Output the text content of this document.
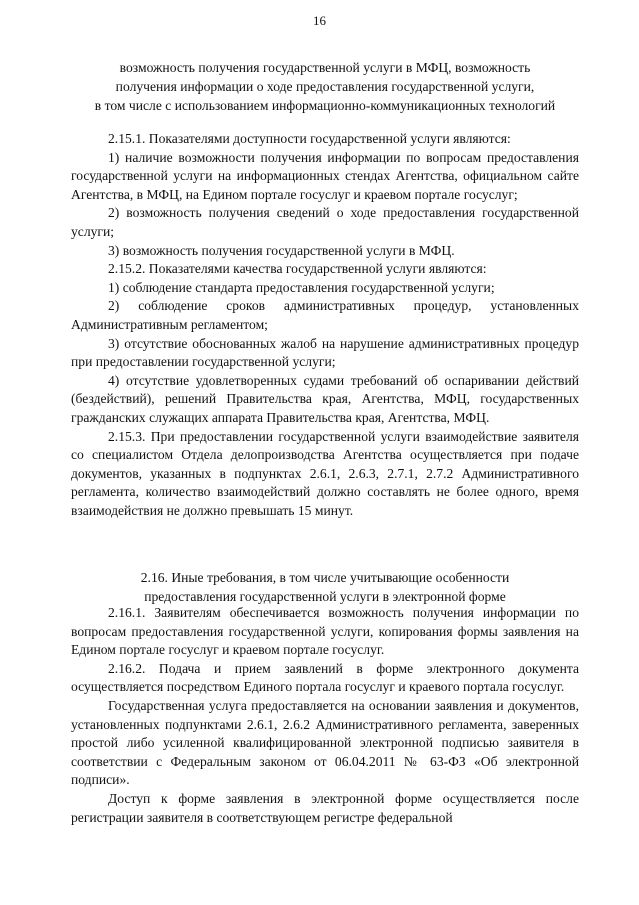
16
возможность получения государственной услуги в МФЦ, возможность
получения информации о ходе предоставления государственной услуги,
в том числе с использованием информационно-коммуникационных технологий

2.15.1. Показателями доступности государственной услуги являются:

1) наличие возможности получения информации по вопросам предоставления государственной услуги на информационных стендах Агентства, официальном сайте Агентства, в МФЦ, на Едином портале госуслуг и краевом портале госуслуг;

2) возможность получения сведений о ходе предоставления государственной услуги;

3) возможность получения государственной услуги в МФЦ.

2.15.2. Показателями качества государственной услуги являются:

1) соблюдение стандарта предоставления государственной услуги;

2) соблюдение сроков административных процедур, установленных Административным регламентом;

3) отсутствие обоснованных жалоб на нарушение административных процедур при предоставлении государственной услуги;

4) отсутствие удовлетворенных судами требований об оспаривании действий (бездействий), решений Правительства края, Агентства, МФЦ, государственных гражданских служащих аппарата Правительства края, Агентства, МФЦ.

2.15.3. При предоставлении государственной услуги взаимодействие заявителя со специалистом Отдела делопроизводства Агентства осуществляется при подаче документов, указанных в подпунктах 2.6.1, 2.6.3, 2.7.1, 2.7.2 Административного регламента, количество взаимодействий должно составлять не более одного, время взаимодействия не должно превышать 15 минут.

2.16. Иные требования, в том числе учитывающие особенности
предоставления государственной услуги в электронной форме

2.16.1. Заявителям обеспечивается возможность получения информации по вопросам предоставления государственной услуги, копирования формы заявления на Едином портале госуслуг и краевом портале госуслуг.

2.16.2. Подача и прием заявлений в форме электронного документа осуществляется посредством Единого портала госуслуг и краевого портала госуслуг.

Государственная услуга предоставляется на основании заявления и документов, установленных подпунктами 2.6.1, 2.6.2 Административного регламента, заверенных простой либо усиленной квалифицированной электронной подписью заявителя в соответствии с Федеральным законом от 06.04.2011 № 63-ФЗ «Об электронной подписи».

Доступ к форме заявления в электронной форме осуществляется после регистрации заявителя в соответствующем регистре федеральной
